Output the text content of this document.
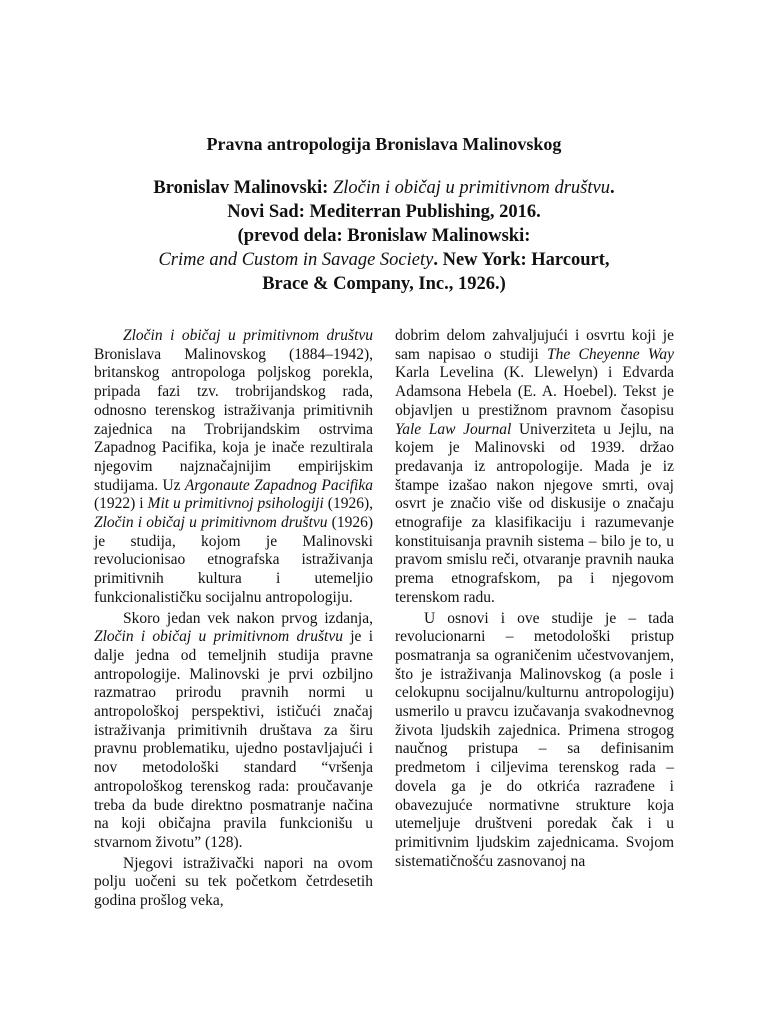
Pravna antropologija Bronislava Malinovskog
Bronislav Malinovski: Zločin i običaj u primitivnom društvu.
Novi Sad: Mediterran Publishing, 2016.
(prevod dela: Bronislaw Malinowski:
Crime and Custom in Savage Society. New York: Harcourt,
Brace & Company, Inc., 1926.)

Zločin i običaj u primitivnom društvu Bronislava Malinovskog (1884–1942), britanskog antropologa poljskog porekla, pripada fazi tzv. trobrijandskog rada, odnosno terenskog istraživanja primitivnih zajednica na Trobrijandskim ostrvima Zapadnog Pacifika, koja je inače rezultirala njegovim najznačajnijim empirijskim studijama. Uz Argonaute Zapadnog Pacifika (1922) i Mit u primitivnoj psihologiji (1926), Zločin i običaj u primitivnom društvu (1926) je studija, kojom je Malinovski revolucionisao etnografska istraživanja primitivnih kultura i utemeljio funkcionalističku socijalnu antropologiju.

Skoro jedan vek nakon prvog izdanja, Zločin i običaj u primitivnom društvu je i dalje jedna od temeljnih studija pravne antropologije. Malinovski je prvi ozbiljno razmatrao prirodu pravnih normi u antropološkoj perspektivi, ističući značaj istraživanja primitivnih društava za širu pravnu problematiku, ujedno postavljajući i nov metodološki standard “vršenja antropološkog terenskog rada: proučavanje treba da bude direktno posmatranje načina na koji običajna pravila funkcionišu u stvarnom životu” (128).

Njegovi istraživački napori na ovom polju uočeni su tek početkom četrdesetih godina prošlog veka,

dobrim delom zahvaljujući i osvrtu koji je sam napisao o studiji The Cheyenne Way Karla Levelina (K. Llewelyn) i Edvarda Adamsona Hebela (E. A. Hoebel). Tekst je objavljen u prestižnom pravnom časopisu Yale Law Journal Univerziteta u Jejlu, na kojem je Malinovski od 1939. držao predavanja iz antropologije. Mada je iz štampe izašao nakon njegove smrti, ovaj osvrt je značio više od diskusije o značaju etnografije za klasifikaciju i razumevanje konstituisanja pravnih sistema – bilo je to, u pravom smislu reči, otvaranje pravnih nauka prema etnografskom, pa i njegovom terenskom radu.

U osnovi i ove studije je – tada revolucionarni – metodološki pristup posmatranja sa ograničenim učestvovanjem, što je istraživanja Malinovskog (a posle i celokupnu socijalnu/kulturnu antropologiju) usmerilo u pravcu izučavanja svakodnevnog života ljudskih zajednica. Primena strogog naučnog pristupa – sa definisanim predmetom i ciljevima terenskog rada – dovela ga je do otkrića razrađene i obavezujuće normativne strukture koja utemeljuje društveni poredak čak i u primitivnim ljudskim zajednicama. Svojom sistematičnošću zasnovanoj na
